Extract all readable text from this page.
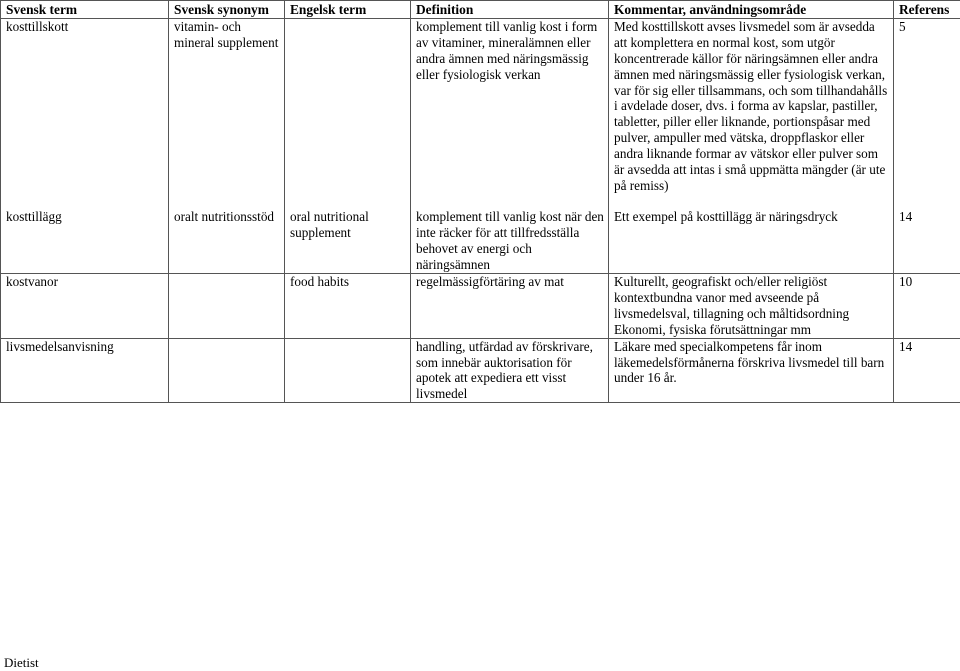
Svensk term	Svensk synonym	Engelsk term	Definition	Kommentar, användningsområde	Referens
kosttillskott	vitamin- och mineral supplement		komplement till vanlig kost i form av vitaminer, mineralämnen eller andra ämnen med näringsmässig eller fysiologisk verkan	Med kosttillskott avses livsmedel som är avsedda att komplettera en normal kost, som utgör koncentrerade källor för näringsämnen eller andra ämnen med näringsmässig eller fysiologisk verkan, var för sig eller tillsammans, och som tillhandahålls i avdelade doser, dvs. i forma av kapslar, pastiller, tabletter, piller eller liknande, portionspåsar med pulver, ampuller med vätska, droppflaskor eller andra liknande formar av vätskor eller pulver som är avsedda att intas i små uppmätta mängder (är ute på remiss)	5
kosttillägg	oralt nutritionsstöd	oral nutritional supplement	komplement till vanlig kost när den inte räcker för att tillfredsställa behovet av energi och näringsämnen	Ett exempel på kosttillägg är näringsdryck	14
kostvanor		food habits	regelmässigförtäring av mat	Kulturellt, geografiskt och/eller religiöst kontextbundna vanor med avseende på livsmedelsval, tillagning och måltidsordning Ekonomi, fysiska förutsättningar mm	10
livsmedelsanvisning			handling, utfärdad av förskrivare, som innebär auktorisation för apotek att expediera ett visst livsmedel	Läkare med specialkompetens får inom läkemedelsförmånerna förskriva livsmedel till barn under 16 år.	14
Dietist
